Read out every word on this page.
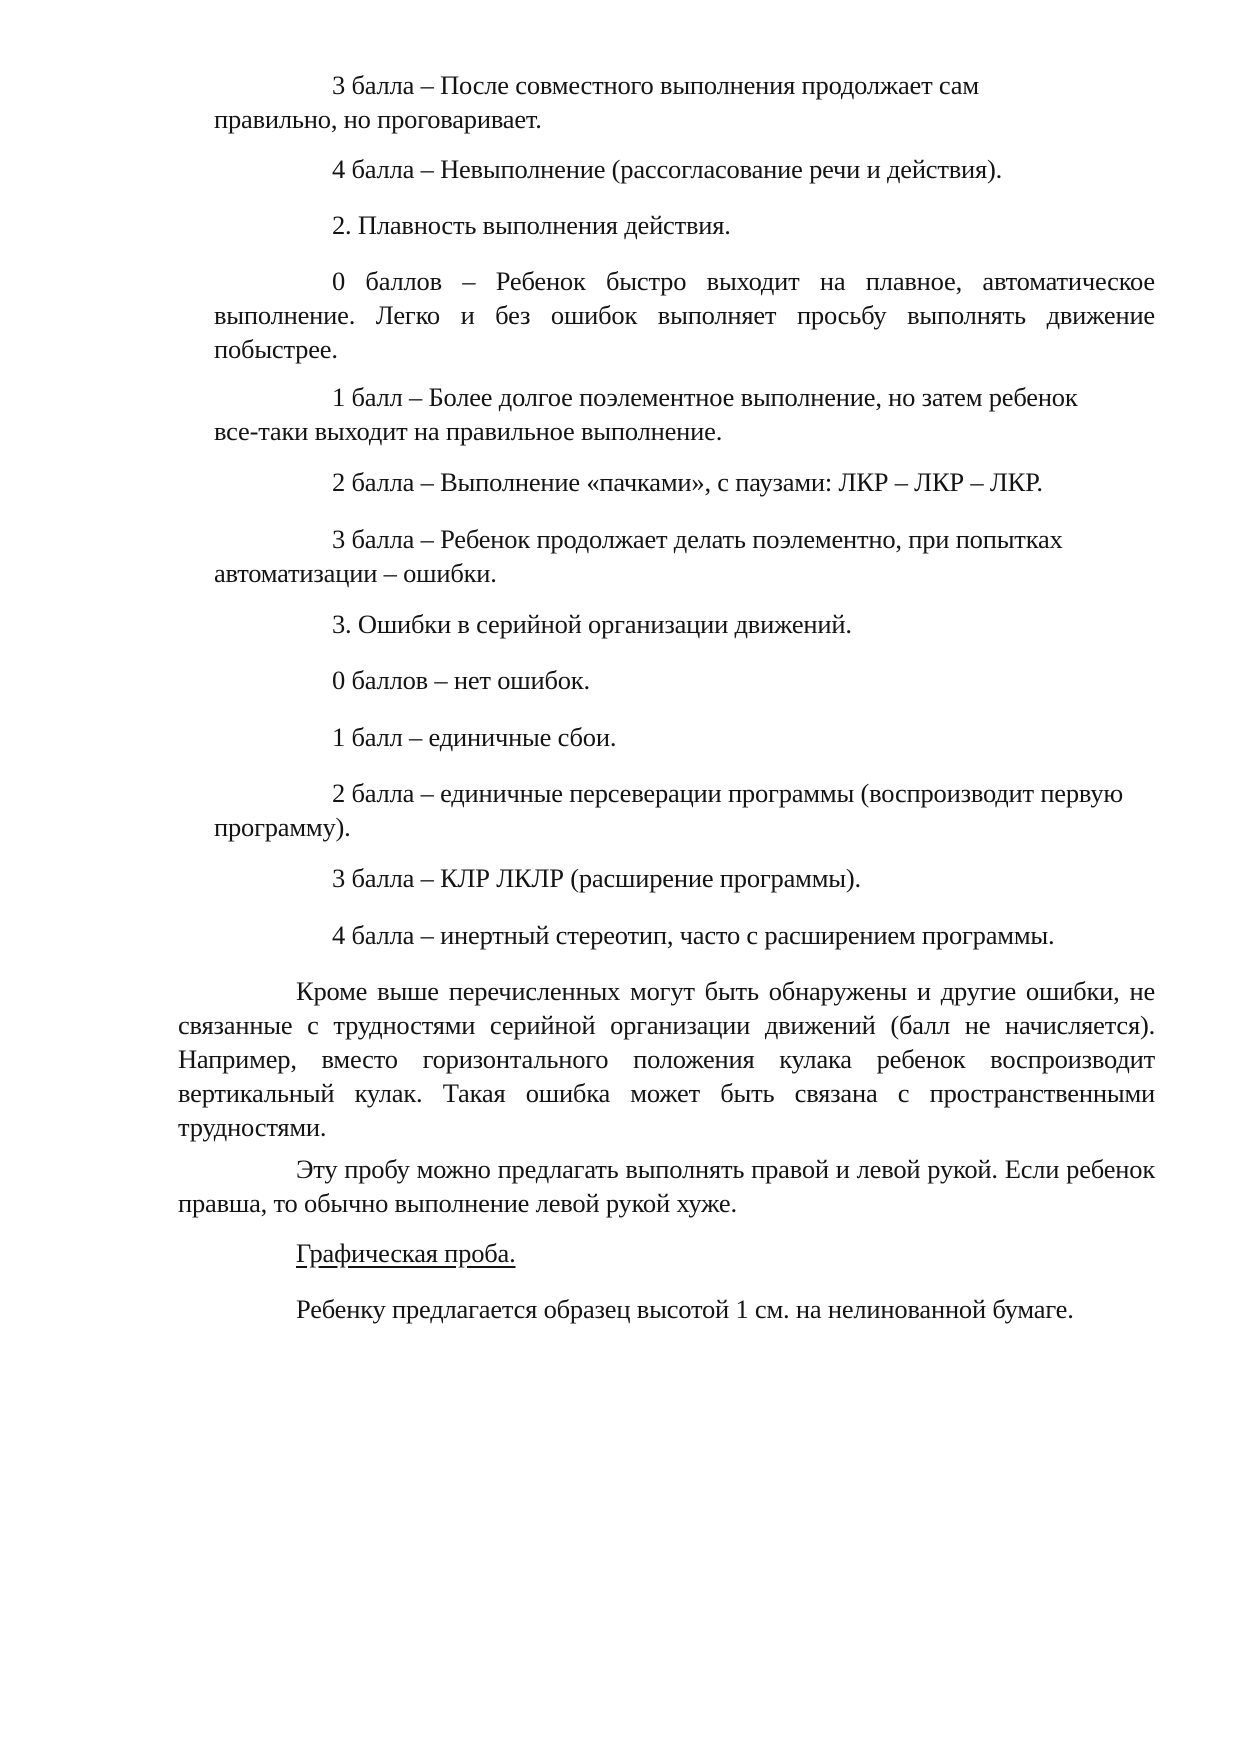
3 балла – После совместного выполнения продолжает сам правильно, но проговаривает.

4 балла – Невыполнение (рассогласование речи и действия).

2. Плавность выполнения действия.

0 баллов – Ребенок быстро выходит на плавное, автоматическое выполнение. Легко и без ошибок выполняет просьбу выполнять движение побыстрее.

1 балл – Более долгое поэлементное выполнение, но затем ребенок все-таки выходит на правильное выполнение.

2 балла – Выполнение «пачками», с паузами: ЛКР – ЛКР – ЛКР.

3 балла – Ребенок продолжает делать поэлементно, при попытках автоматизации – ошибки.

3. Ошибки в серийной организации движений.

0 баллов – нет ошибок.

1 балл – единичные сбои.

2 балла – единичные персеверации программы (воспроизводит первую программу).

3 балла – КЛР ЛКЛР (расширение программы).

4 балла – инертный стереотип, часто с расширением программы.

Кроме выше перечисленных могут быть обнаружены и другие ошибки, не связанные с трудностями серийной организации движений (балл не начисляется). Например, вместо горизонтального положения кулака ребенок воспроизводит вертикальный кулак. Такая ошибка может быть связана с пространственными трудностями.

Эту пробу можно предлагать выполнять правой и левой рукой. Если ребенок правша, то обычно выполнение левой рукой хуже.

Графическая проба.

Ребенку предлагается образец высотой 1 см. на нелинованной бумаге.
